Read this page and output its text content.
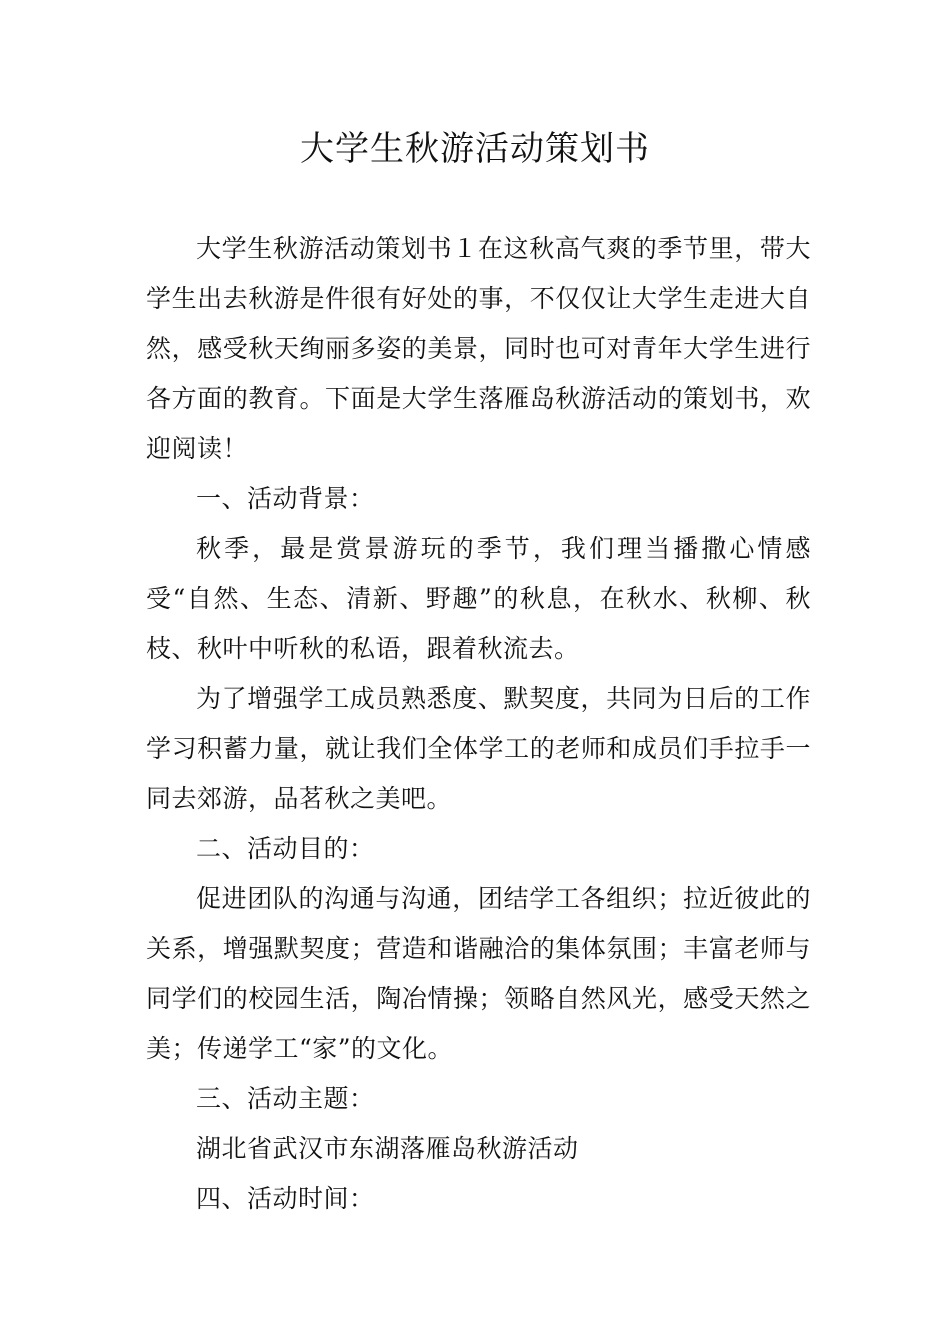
大学生秋游活动策划书

大学生秋游活动策划书１在这秋高气爽的季节里，带大学生出去秋游是件很有好处的事，不仅仅让大学生走进大自然，感受秋天绚丽多姿的美景，同时也可对青年大学生进行各方面的教育。下面是大学生落雁岛秋游活动的策划书，欢迎阅读！

一、活动背景：

秋季，最是赏景游玩的季节，我们理当播撒心情感受“自然、生态、清新、野趣”的秋息，在秋水、秋柳、秋枝、秋叶中听秋的私语，跟着秋流去。

为了增强学工成员熟悉度、默契度，共同为日后的工作学习积蓄力量，就让我们全体学工的老师和成员们手拉手一同去郊游，品茗秋之美吧。

二、活动目的：

促进团队的沟通与沟通，团结学工各组织；拉近彼此的关系，增强默契度；营造和谐融洽的集体氛围；丰富老师与同学们的校园生活，陶冶情操；领略自然风光，感受天然之美；传递学工“家”的文化。

三、活动主题：

湖北省武汉市东湖落雁岛秋游活动

四、活动时间：
